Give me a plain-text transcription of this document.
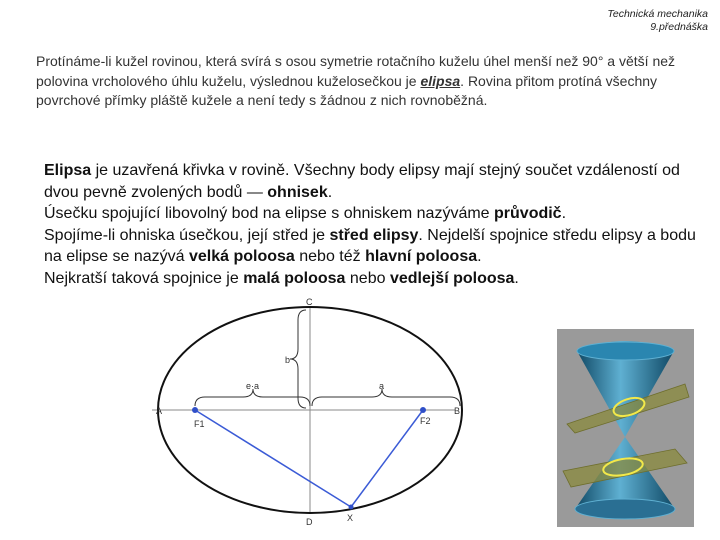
Technická mechanika
9.přednáška
Protínáme-li kužel rovinou, která svírá s osou symetrie rotačního kuželu úhel menší než 90° a větší než polovina vrcholového úhlu kuželu, výslednou kuželosečkou je elipsa. Rovina přitom protíná všechny povrchové přímky pláště kužele a není tedy s žádnou z nich rovnoběžná.
Elipsa je uzavřená křivka v rovině. Všechny body elipsy mají stejný součet vzdáleností od dvou pevně zvolených bodů — ohnisek.
Úsečku spojující libovolný bod na elipse s ohniskem nazýváme průvodič.
Spojíme-li ohniska úsečkou, její střed je střed elipsy. Nejdelší spojnice středu elipsy a bodu na elipse se nazývá velká poloosa nebo též hlavní poloosa.
Nejkratší taková spojnice je malá poloosa nebo vedlejší poloosa.
A	B
C
D
F1	F2
X
b
e·a	a
